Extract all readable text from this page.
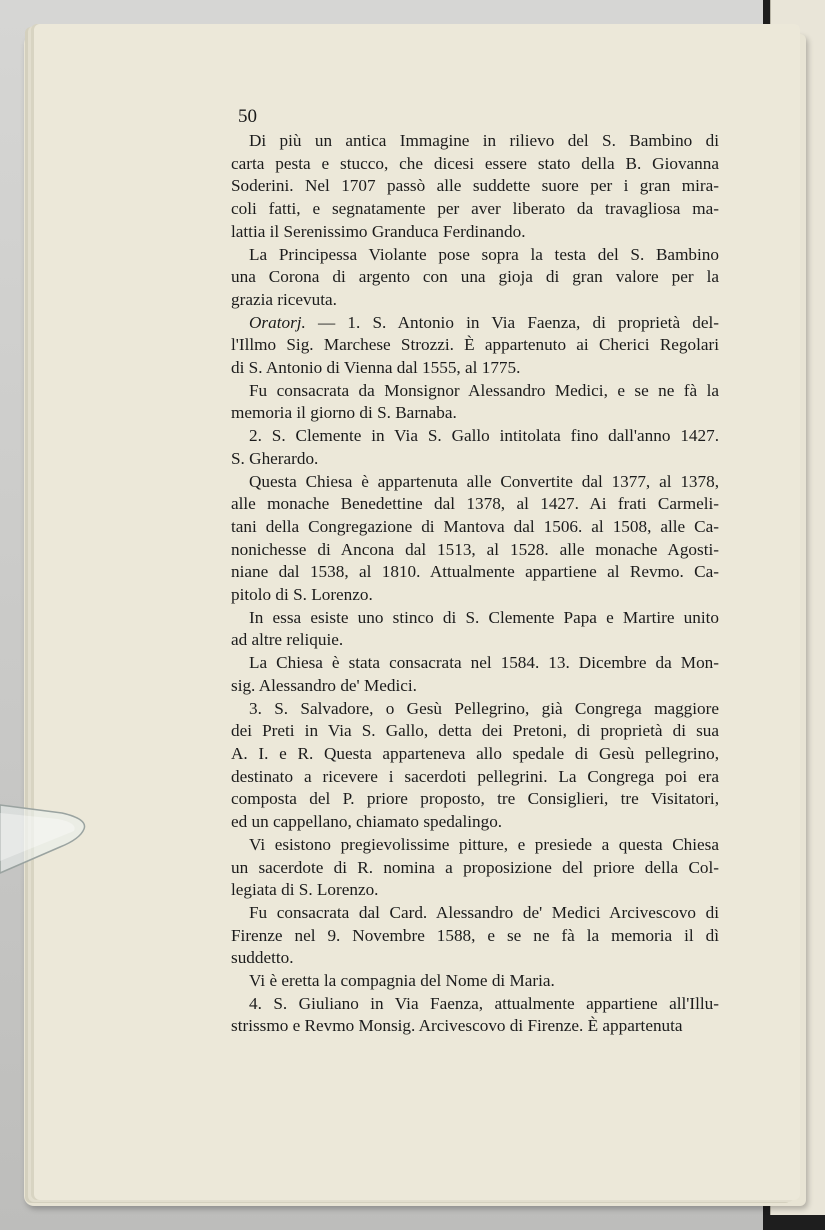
50
Di più un antica Immagine in rilievo del S. Bambino di
carta pesta e stucco, che dicesi essere stato della B. Giovanna
Soderini. Nel 1707 passò alle suddette suore per i gran mira-
coli fatti, e segnatamente per aver liberato da travagliosa ma-
lattia il Serenissimo Granduca Ferdinando.
La Principessa Violante pose sopra la testa del S. Bambino
una Corona di argento con una gioja di gran valore per la
grazia ricevuta.
Oratorj. — 1. S. Antonio in Via Faenza, di proprietà del-
l'Illmo Sig. Marchese Strozzi. È appartenuto ai Cherici Regolari
di S. Antonio di Vienna dal 1555, al 1775.
Fu consacrata da Monsignor Alessandro Medici, e se ne fà la
memoria il giorno di S. Barnaba.
2. S. Clemente in Via S. Gallo intitolata fino dall'anno 1427.
S. Gherardo.
Questa Chiesa è appartenuta alle Convertite dal 1377, al 1378,
alle monache Benedettine dal 1378, al 1427. Ai frati Carmeli-
tani della Congregazione di Mantova dal 1506. al 1508, alle Ca-
nonichesse di Ancona dal 1513, al 1528. alle monache Agosti-
niane dal 1538, al 1810. Attualmente appartiene al Revmo. Ca-
pitolo di S. Lorenzo.
In essa esiste uno stinco di S. Clemente Papa e Martire unito
ad altre reliquie.
La Chiesa è stata consacrata nel 1584. 13. Dicembre da Mon-
sig. Alessandro de' Medici.
3. S. Salvadore, o Gesù Pellegrino, già Congrega maggiore
dei Preti in Via S. Gallo, detta dei Pretoni, di proprietà di sua
A. I. e R. Questa apparteneva allo spedale di Gesù pellegrino,
destinato a ricevere i sacerdoti pellegrini. La Congrega poi era
composta del P. priore proposto, tre Consiglieri, tre Visitatori,
ed un cappellano, chiamato spedalingo.
Vi esistono pregievolissime pitture, e presiede a questa Chiesa
un sacerdote di R. nomina a proposizione del priore della Col-
legiata di S. Lorenzo.
Fu consacrata dal Card. Alessandro de' Medici Arcivescovo di
Firenze nel 9. Novembre 1588, e se ne fà la memoria il dì
suddetto.
Vi è eretta la compagnia del Nome di Maria.
4. S. Giuliano in Via Faenza, attualmente appartiene all'Illu-
strissmo e Revmo Monsig. Arcivescovo di Firenze. È appartenuta
